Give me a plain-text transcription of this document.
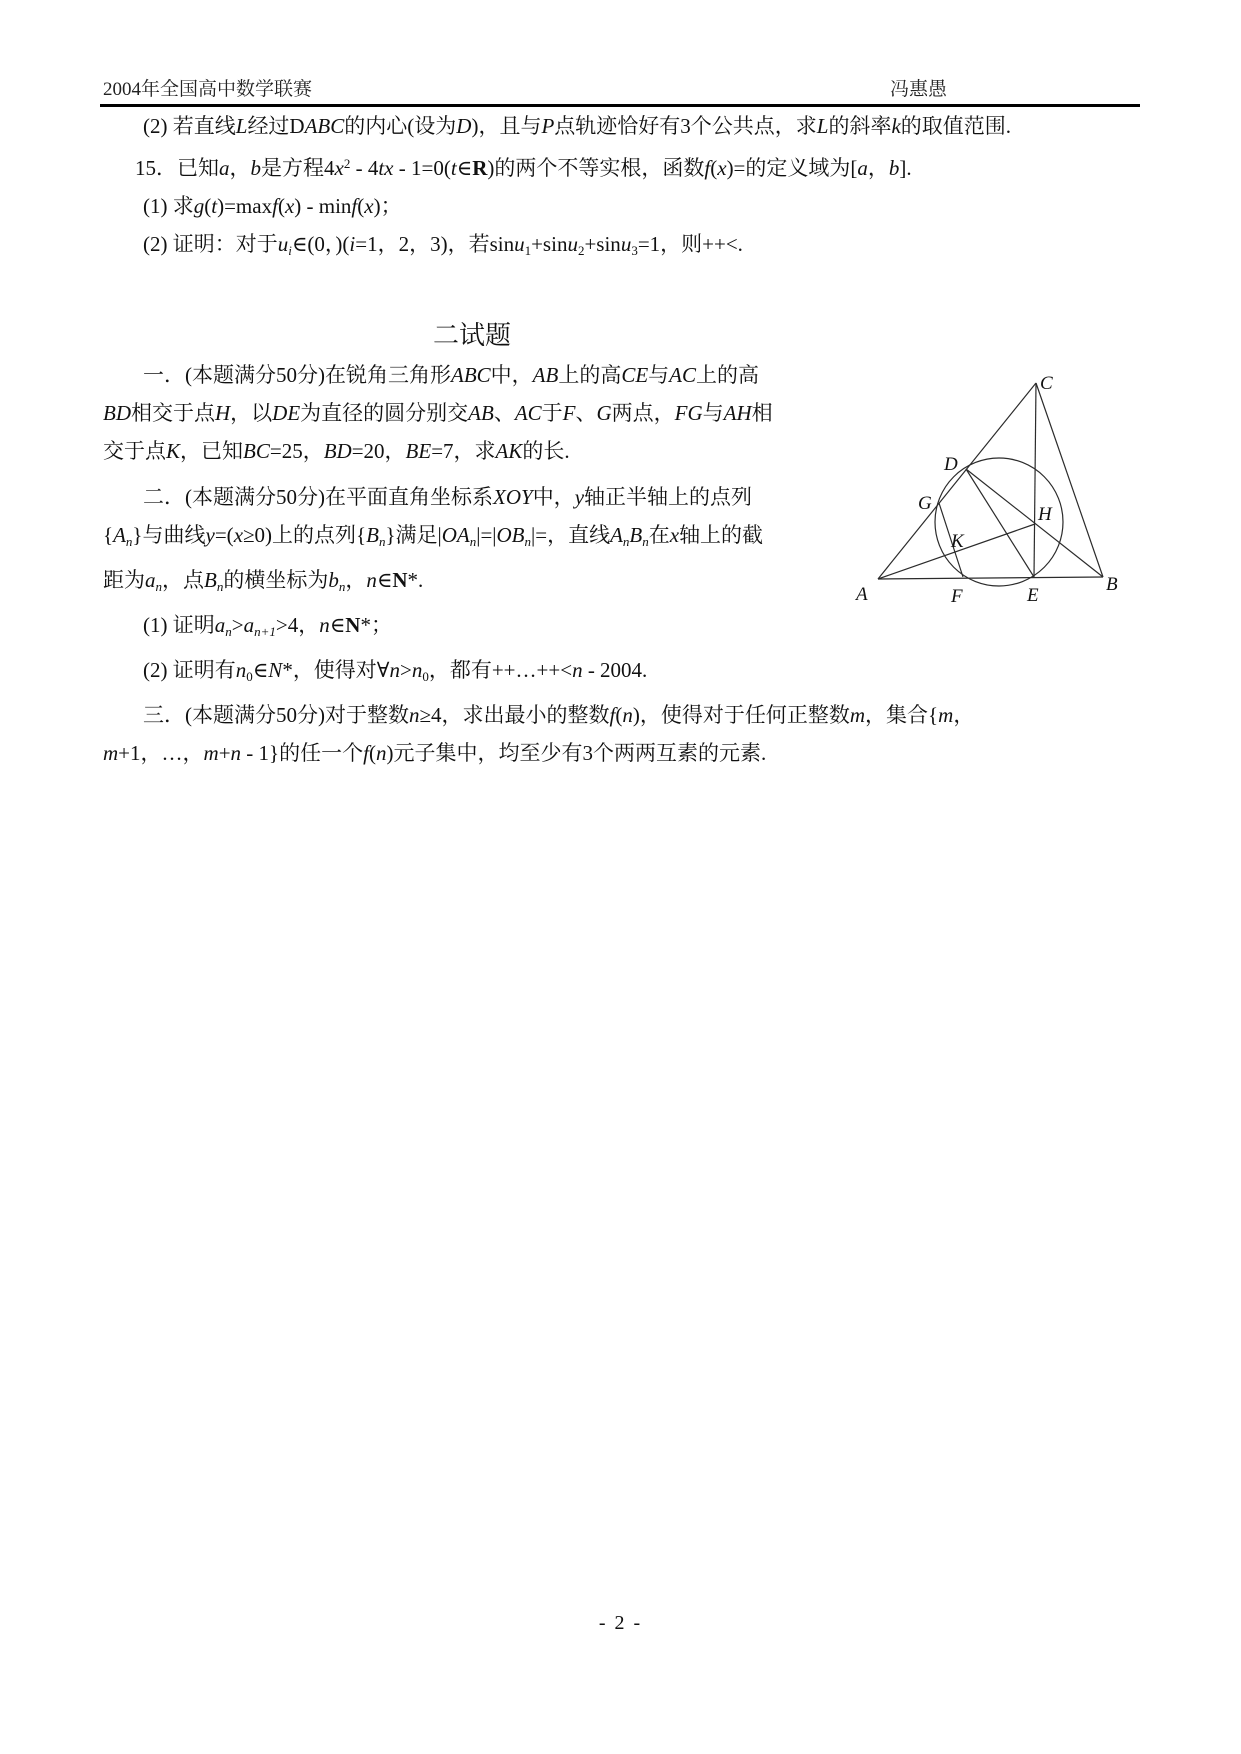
2004年全国高中数学联赛	冯惠愚
(2) 若直线L经过DABC的内心(设为D)，且与P点轨迹恰好有3个公共点，求L的斜率k的取值范围.
15．已知a，b是方程$4x^2 - 4tx$ - 1=0(t∈R)的两个不等实根，函数f(x)=的定义域为[a，b].
(1) 求g(t)=maxf(x) - minf(x)；
(2) 证明：对于$u_i\in(0$，)(i=1，2，3)，若sinu$_1$+sinu$_2$+sinu$_3$=1，则++<.
二试题
一．(本题满分50分)在锐角三角形ABC中，AB上的高CE与AC上的高
BD相交于点H，以DE为直径的圆分别交AB、AC于F、G两点，FG与AH相
交于点K，已知BC=25，BD=20，BE=7，求AK的长.
二．(本题满分50分)在平面直角坐标系XOY中，y轴正半轴上的点列
$\{A_n\}$与曲线y=(x≥0)上的点列$\{B_n\}$满足$|OA_n|=|OB_n|=$，直线$A_nB_n$在x轴上的截
距为$a_n$，点$B_n$的横坐标为$b_n$，n∈N*.
(1) 证明$a_n>a_{n+1}>4$，n∈N*；
(2) 证明有$n_0\in N*$，使得对$\forall n>n_0$，都有++…++<n - 2004.
三．(本题满分50分)对于整数n≥4，求出最小的整数f(n)，使得对于任何正整数m，集合{m，
m+1，…，m+n - 1}的任一个f(n)元子集中，均至少有3个两两互素的元素.
A	B
C
D
G
H
K
F	E
- 2 -
